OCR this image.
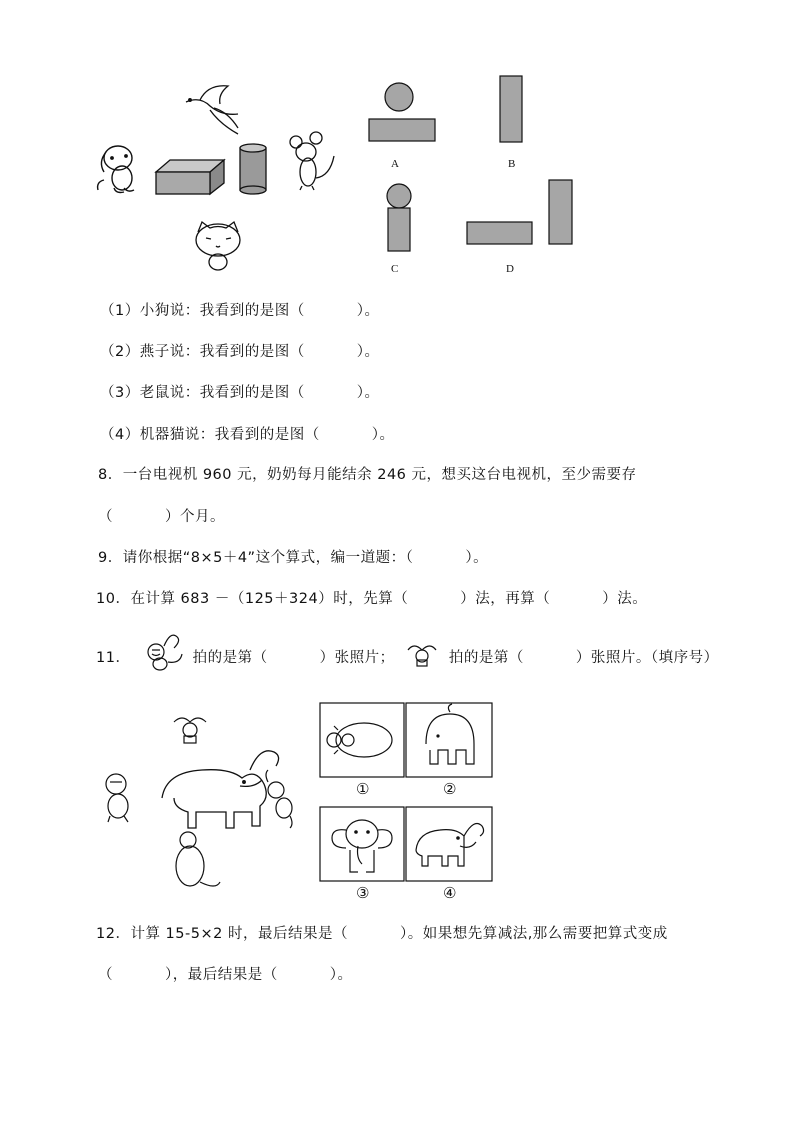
A	B
C	D
（1）小狗说：我看到的是图（	）。
（2）燕子说：我看到的是图（	）。
（3）老鼠说：我看到的是图（	）。
（4）机器猫说：我看到的是图（	）。
8．一台电视机 960 元，奶奶每月能结余 246 元，想买这台电视机，至少需要存
（	）个月。
9．请你根据“8×5＋4”这个算式，编一道题：（	）。
10．在计算 683 －（125＋324）时，先算（	）法，再算（	）法。
11．	拍的是第（	）张照片；	拍的是第（	）张照片。（填序号）
①	②
③	④
12．计算 15-5×2 时，最后结果是（	）。如果想先算减法,那么需要把算式变成
（	），最后结果是（	）。
